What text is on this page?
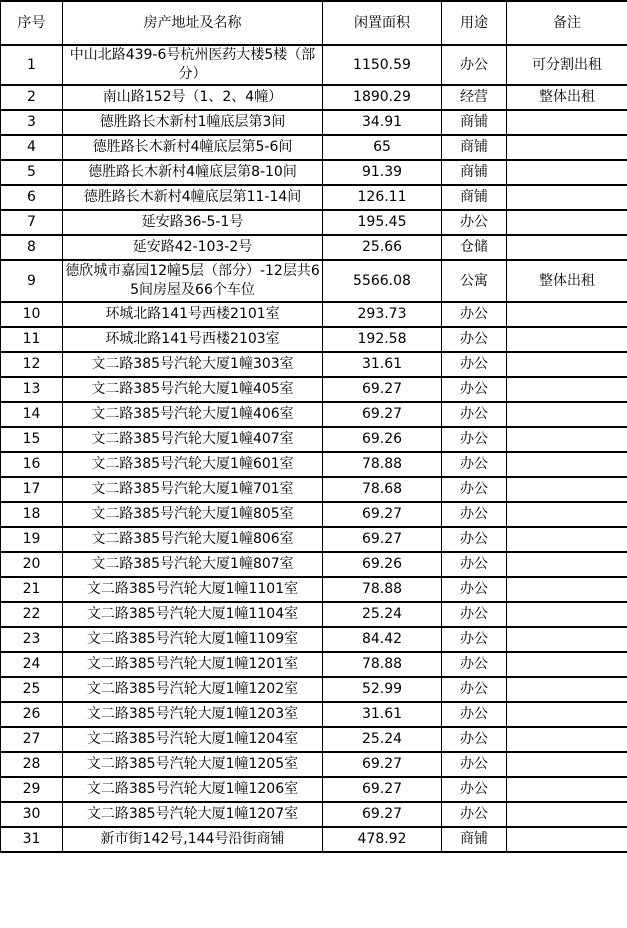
序号	房产地址及名称	闲置面积	用途	备注
1	中山北路439-6号杭州医药大楼5楼（部分）	1150.59	办公	可分割出租
2	南山路152号（1、2、4幢）	1890.29	经营	整体出租
3	德胜路长木新村1幢底层第3间	34.91	商铺	
4	德胜路长木新村4幢底层第5-6间	65	商铺	
5	德胜路长木新村4幢底层第8-10间	91.39	商铺	
6	德胜路长木新村4幢底层第11-14间	126.11	商铺	
7	延安路36-5-1号	195.45	办公	
8	延安路42-103-2号	25.66	仓储	
9	德欣城市嘉园12幢5层（部分）-12层共65间房屋及66个车位	5566.08	公寓	整体出租
10	环城北路141号西楼2101室	293.73	办公	
11	环城北路141号西楼2103室	192.58	办公	
12	文二路385号汽轮大厦1幢303室	31.61	办公	
13	文二路385号汽轮大厦1幢405室	69.27	办公	
14	文二路385号汽轮大厦1幢406室	69.27	办公	
15	文二路385号汽轮大厦1幢407室	69.26	办公	
16	文二路385号汽轮大厦1幢601室	78.88	办公	
17	文二路385号汽轮大厦1幢701室	78.68	办公	
18	文二路385号汽轮大厦1幢805室	69.27	办公	
19	文二路385号汽轮大厦1幢806室	69.27	办公	
20	文二路385号汽轮大厦1幢807室	69.26	办公	
21	文二路385号汽轮大厦1幢1101室	78.88	办公	
22	文二路385号汽轮大厦1幢1104室	25.24	办公	
23	文二路385号汽轮大厦1幢1109室	84.42	办公	
24	文二路385号汽轮大厦1幢1201室	78.88	办公	
25	文二路385号汽轮大厦1幢1202室	52.99	办公	
26	文二路385号汽轮大厦1幢1203室	31.61	办公	
27	文二路385号汽轮大厦1幢1204室	25.24	办公	
28	文二路385号汽轮大厦1幢1205室	69.27	办公	
29	文二路385号汽轮大厦1幢1206室	69.27	办公	
30	文二路385号汽轮大厦1幢1207室	69.27	办公	
31	新市街142号,144号沿街商铺	478.92	商铺	
